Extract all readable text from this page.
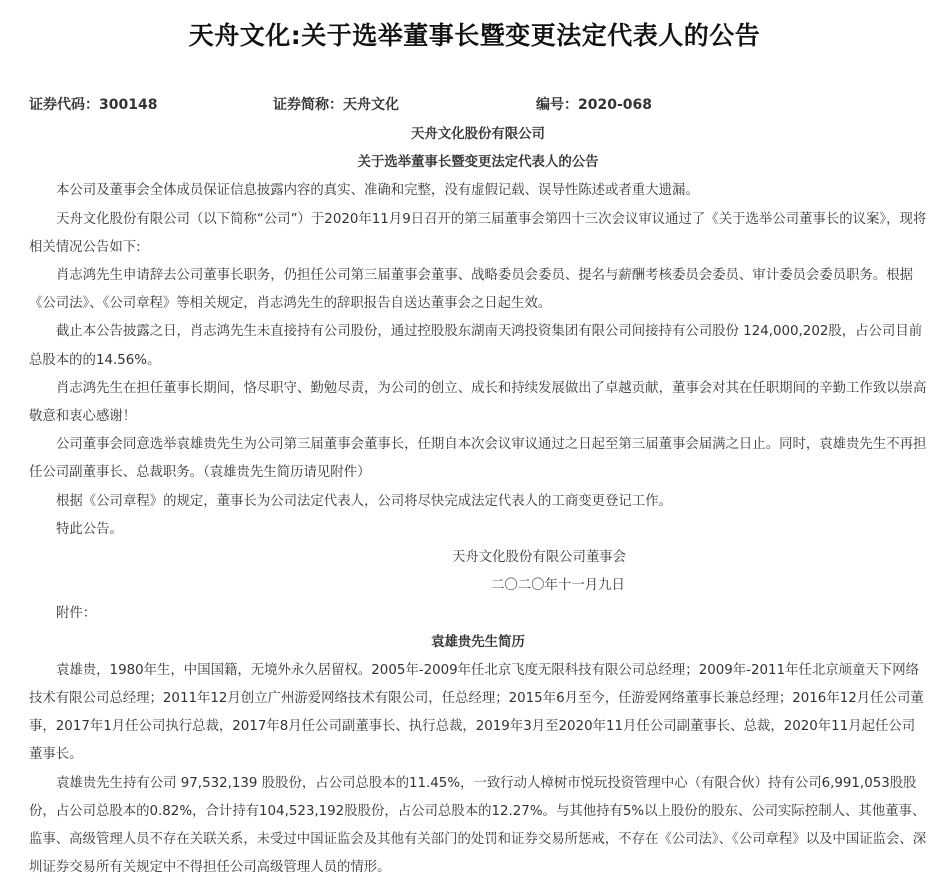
天舟文化:关于选举董事长暨变更法定代表人的公告
证券代码：300148	证券简称：天舟文化	编号：2020-068

天舟文化股份有限公司

关于选举董事长暨变更法定代表人的公告

本公司及董事会全体成员保证信息披露内容的真实、准确和完整，没有虚假记载、误导性陈述或者重大遗漏。

天舟文化股份有限公司（以下简称“公司”）于2020年11月9日召开的第三届董事会第四十三次会议审议通过了《关于选举公司董事长的议案》，现将相关情况公告如下:

肖志鸿先生申请辞去公司董事长职务，仍担任公司第三届董事会董事、战略委员会委员、提名与薪酬考核委员会委员、审计委员会委员职务。根据《公司法》、《公司章程》等相关规定，肖志鸿先生的辞职报告自送达董事会之日起生效。

截止本公告披露之日，肖志鸿先生未直接持有公司股份，通过控股股东湖南天鸿投资集团有限公司间接持有公司股份 124,000,202股，占公司目前总股本的的14.56%。

肖志鸿先生在担任董事长期间，恪尽职守、勤勉尽责，为公司的创立、成长和持续发展做出了卓越贡献，董事会对其在任职期间的辛勤工作致以崇高敬意和衷心感谢！

公司董事会同意选举袁雄贵先生为公司第三届董事会董事长，任期自本次会议审议通过之日起至第三届董事会届满之日止。同时，袁雄贵先生不再担任公司副董事长、总裁职务。（袁雄贵先生简历请见附件）

根据《公司章程》的规定，董事长为公司法定代表人，公司将尽快完成法定代表人的工商变更登记工作。

特此公告。

天舟文化股份有限公司董事会

二〇二〇年十一月九日

附件：

袁雄贵先生简历

袁雄贵，1980年生，中国国籍，无境外永久居留权。2005年-2009年任北京飞度无限科技有限公司总经理；2009年-2011年任北京颃童天下网络技术有限公司总经理；2011年12月创立广州游爱网络技术有限公司，任总经理；2015年6月至今，任游爱网络董事长兼总经理；2016年12月任公司董事，2017年1月任公司执行总裁，2017年8月任公司副董事长、执行总裁，2019年3月至2020年11月任公司副董事长、总裁，2020年11月起任公司董事长。

袁雄贵先生持有公司 97,532,139 股股份，占公司总股本的11.45%，一致行动人樟树市悦玩投资管理中心（有限合伙）持有公司6,991,053股股份，占公司总股本的0.82%，合计持有104,523,192股股份，占公司总股本的12.27%。与其他持有5%以上股份的股东、公司实际控制人、其他董事、监事、高级管理人员不存在关联关系，未受过中国证监会及其他有关部门的处罚和证券交易所惩戒，不存在《公司法》、《公司章程》以及中国证监会、深圳证券交易所有关规定中不得担任公司高级管理人员的情形。
